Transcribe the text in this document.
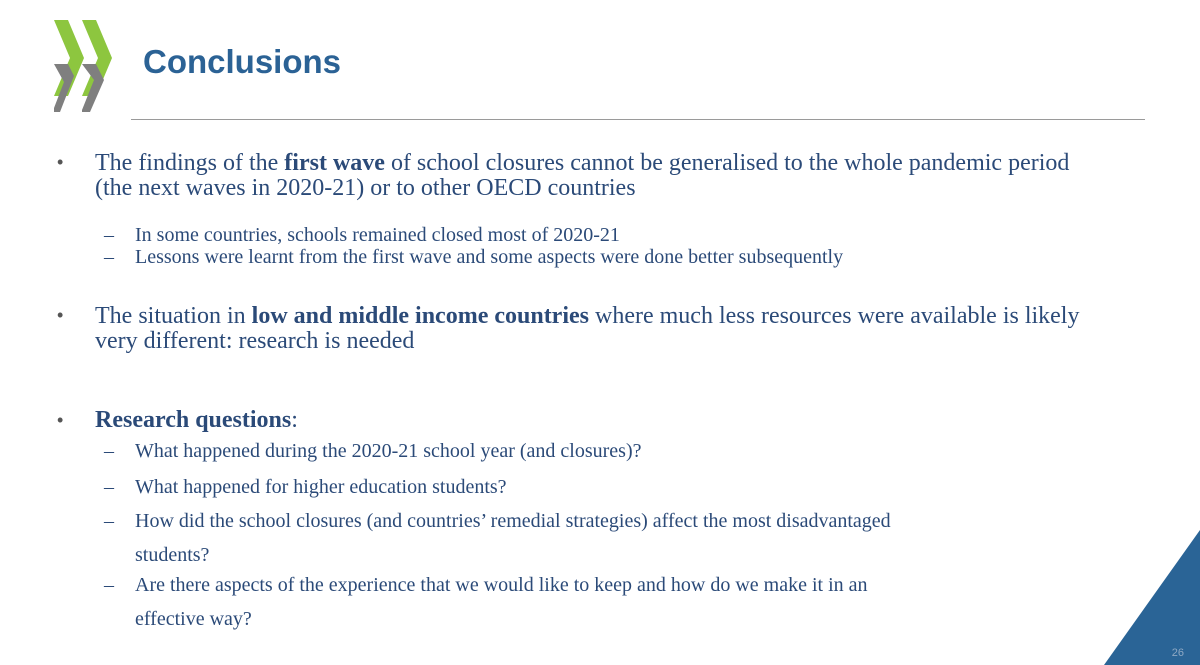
Conclusions
• The findings of the first wave of school closures cannot be generalised to the whole pandemic period (the next waves in 2020-21) or to other OECD countries

– In some countries, schools remained closed most of 2020-21

– Lessons were learnt from the first wave and some aspects were done better subsequently

• The situation in low and middle income countries where much less resources were available is likely very different: research is needed

• Research questions:

– What happened during the 2020-21 school year (and closures)?

– What happened for higher education students?

– How did the school closures (and countries’ remedial strategies) affect the most disadvantaged
students?

– Are there aspects of the experience that we would like to keep and how do we make it in an
effective way?

26
